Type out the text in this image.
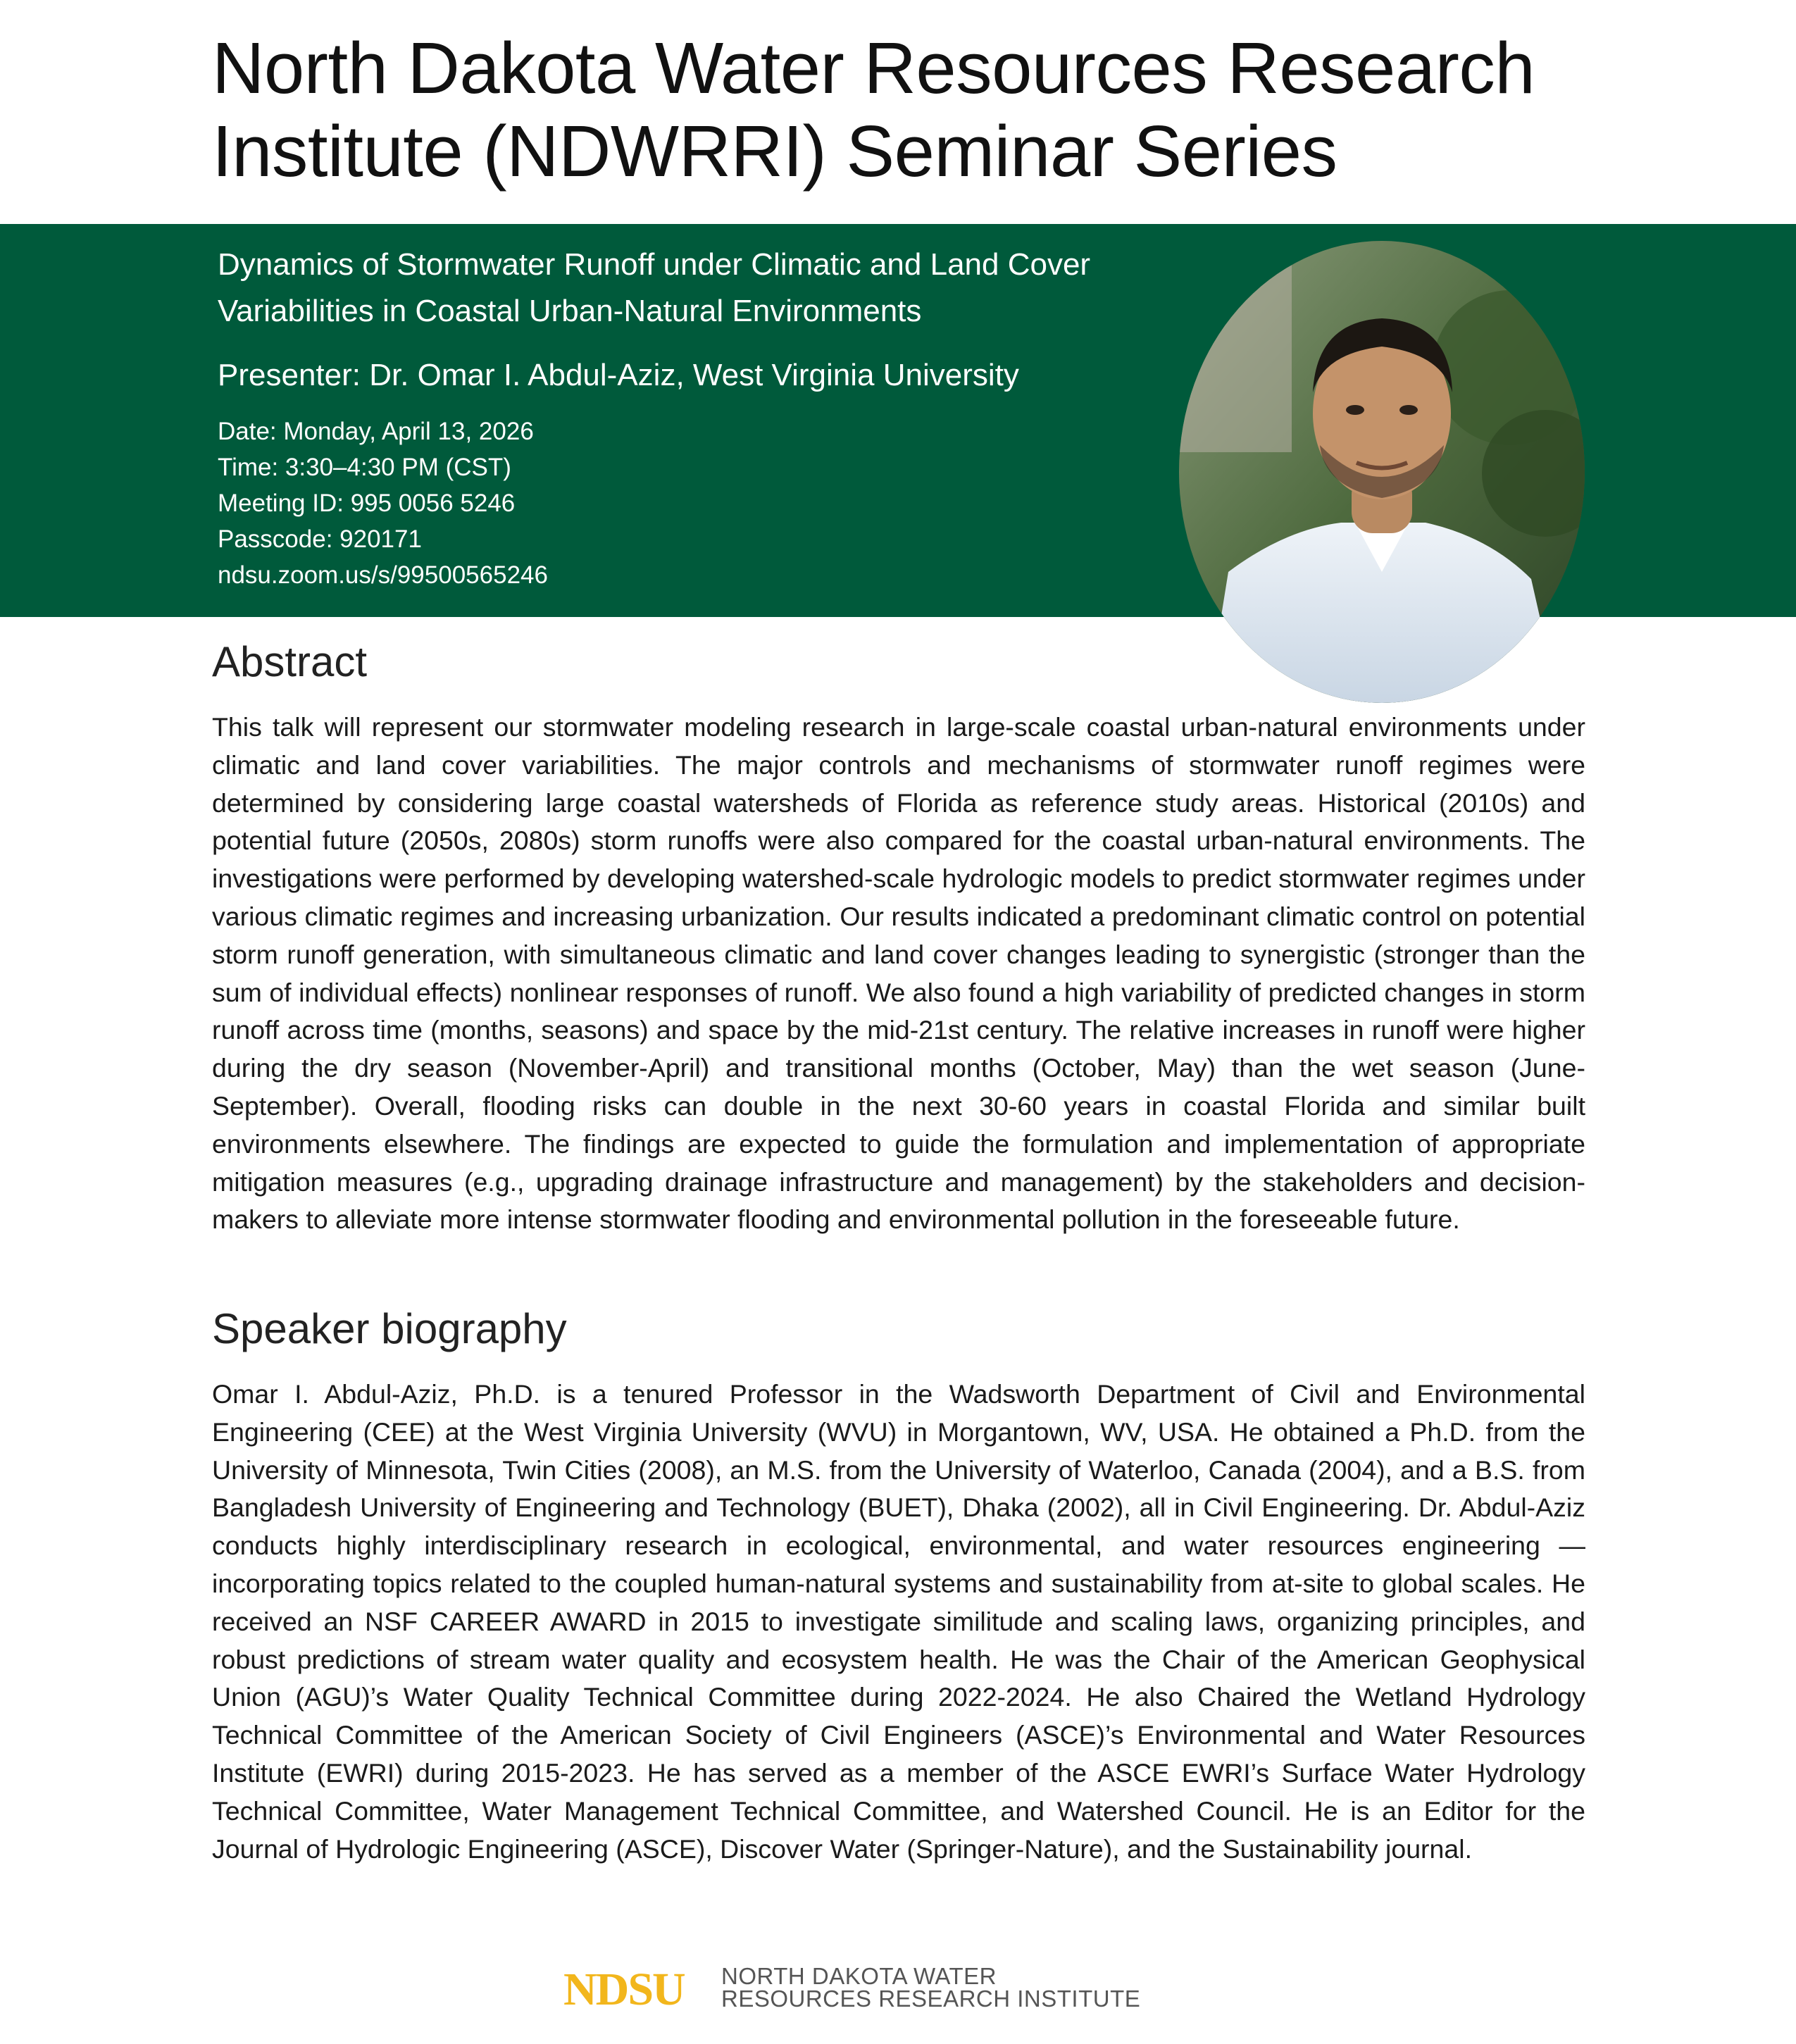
North Dakota Water Resources Research
Institute (NDWRRI) Seminar Series
Dynamics of Stormwater Runoff under Climatic and Land Cover
Variabilities in Coastal Urban-Natural Environments
Presenter: Dr. Omar I. Abdul-Aziz, West Virginia University
Date: Monday, April 13, 2026
Time: 3:30–4:30 PM (CST)
Meeting ID: 995 0056 5246
Passcode: 920171
ndsu.zoom.us/s/99500565246
Abstract
This talk will represent our stormwater modeling research in large-scale coastal urban-natural environments under climatic and land cover variabilities. The major controls and mechanisms of stormwater runoff regimes were determined by considering large coastal watersheds of Florida as reference study areas. Historical (2010s) and potential future (2050s, 2080s) storm runoffs were also compared for the coastal urban-natural environments. The investigations were performed by developing watershed-scale hydrologic models to predict stormwater regimes under various climatic regimes and increasing urbanization. Our results indicated a predominant climatic control on potential storm runoff generation, with simultaneous climatic and land cover changes leading to synergistic (stronger than the sum of individual effects) nonlinear responses of runoff. We also found a high variability of predicted changes in storm runoff across time (months, seasons) and space by the mid-21st century. The relative increases in runoff were higher during the dry season (November-April) and transitional months (October, May) than the wet season (June-September). Overall, flooding risks can double in the next 30-60 years in coastal Florida and similar built environments elsewhere. The findings are expected to guide the formulation and implementation of appropriate mitigation measures (e.g., upgrading drainage infrastructure and management) by the stakeholders and decision-makers to alleviate more intense stormwater flooding and environmental pollution in the foreseeable future.
Speaker biography
Omar I. Abdul-Aziz, Ph.D. is a tenured Professor in the Wadsworth Department of Civil and Environmental Engineering (CEE) at the West Virginia University (WVU) in Morgantown, WV, USA. He obtained a Ph.D. from the University of Minnesota, Twin Cities (2008), an M.S. from the University of Waterloo, Canada (2004), and a B.S. from Bangladesh University of Engineering and Technology (BUET), Dhaka (2002), all in Civil Engineering. Dr. Abdul-Aziz conducts highly interdisciplinary research in ecological, environmental, and water resources engineering — incorporating topics related to the coupled human-natural systems and sustainability from at-site to global scales. He received an NSF CAREER AWARD in 2015 to investigate similitude and scaling laws, organizing principles, and robust predictions of stream water quality and ecosystem health. He was the Chair of the American Geophysical Union (AGU)’s Water Quality Technical Committee during 2022-2024. He also Chaired the Wetland Hydrology Technical Committee of the American Society of Civil Engineers (ASCE)’s Environmental and Water Resources Institute (EWRI) during 2015-2023. He has served as a member of the ASCE EWRI’s Surface Water Hydrology Technical Committee, Water Management Technical Committee, and Watershed Council. He is an Editor for the Journal of Hydrologic Engineering (ASCE), Discover Water (Springer-Nature), and the Sustainability journal.
NDSU NORTH DAKOTA WATER
RESOURCES RESEARCH INSTITUTE
